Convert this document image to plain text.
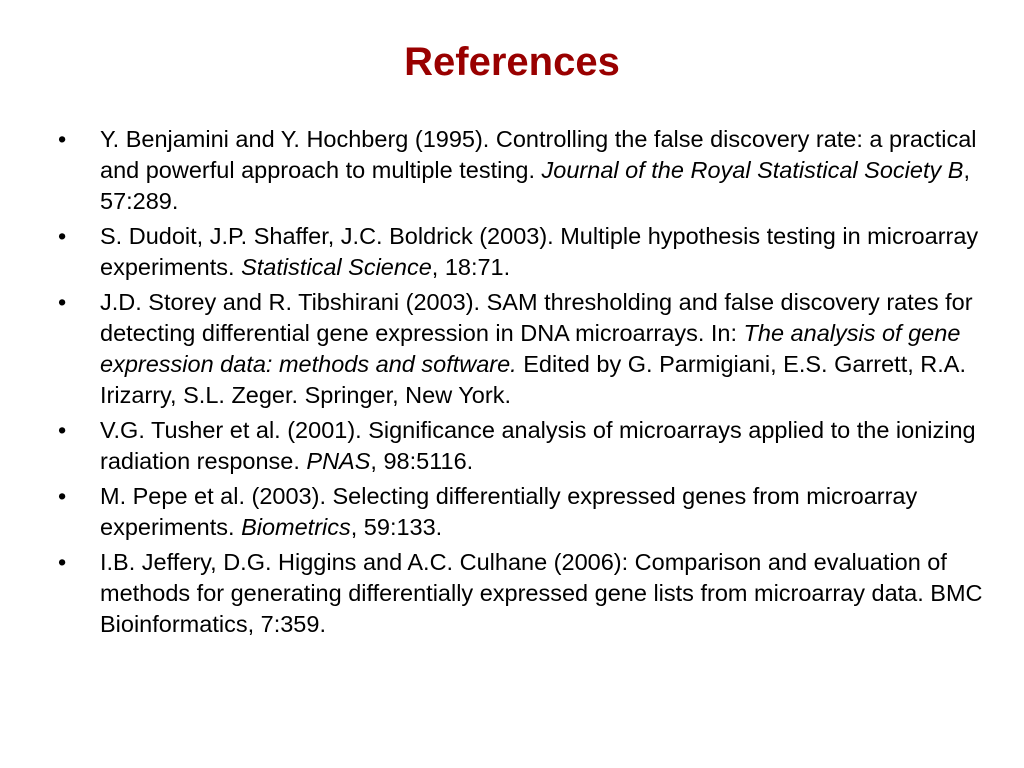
References
•	Y. Benjamini and Y. Hochberg (1995). Controlling the false discovery rate: a practical and powerful approach to multiple testing. Journal of the Royal Statistical Society B, 57:289.
•	S. Dudoit, J.P. Shaffer, J.C. Boldrick (2003). Multiple hypothesis testing in microarray experiments. Statistical Science, 18:71.
•	J.D. Storey and R. Tibshirani (2003). SAM thresholding and false discovery rates for detecting differential gene expression in DNA microarrays. In: The analysis of gene expression data: methods and software. Edited by G. Parmigiani, E.S. Garrett, R.A. Irizarry, S.L. Zeger. Springer, New York.
•	V.G. Tusher et al. (2001). Significance analysis of microarrays applied to the ionizing radiation response. PNAS, 98:5116.
•	M. Pepe et al. (2003). Selecting differentially expressed genes from microarray experiments. Biometrics, 59:133.
•	I.B. Jeffery, D.G. Higgins and A.C. Culhane (2006): Comparison and evaluation of methods for generating differentially expressed gene lists from microarray data. BMC Bioinformatics, 7:359.
